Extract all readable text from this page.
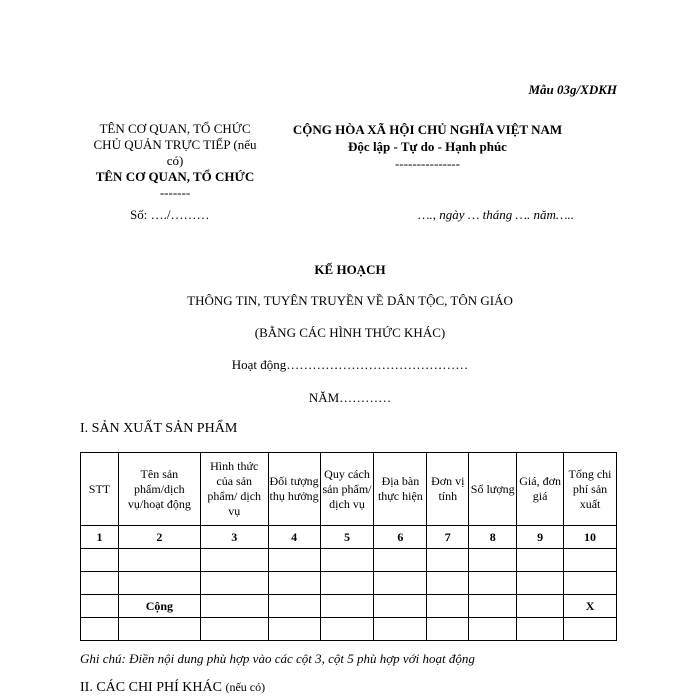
Mẫu 03g/XDKH
TÊN CƠ QUAN, TỔ CHỨC
CHỦ QUẢN TRỰC TIẾP (nếu
có)
TÊN CƠ QUAN, TỔ CHỨC
-------
CỘNG HÒA XÃ HỘI CHỦ NGHĨA VIỆT NAM
Độc lập - Tự do - Hạnh phúc
---------------
Số: …./………	…., ngày … tháng …. năm…..
KẾ HOẠCH
THÔNG TIN, TUYÊN TRUYỀN VỀ DÂN TỘC, TÔN GIÁO
(BẰNG CÁC HÌNH THỨC KHÁC)
Hoạt động……………………………………
NĂM…………
I. SẢN XUẤT SẢN PHẨM
STT	Tên sản phẩm/dịch vụ/hoạt động	Hình thức của sản phẩm/ dịch vụ	Đối tượng thụ hưởng	Quy cách sản phẩm/ dịch vụ	Địa bàn thực hiện	Đơn vị tính	Số lượng	Giá, đơn giá	Tổng chi phí sản xuất
1	2	3	4	5	6	7	8	9	10

	Cộng								X

Ghi chú: Điền nội dung phù hợp vào các cột 3, cột 5 phù hợp với hoạt động
II. CÁC CHI PHÍ KHÁC (nếu có)
